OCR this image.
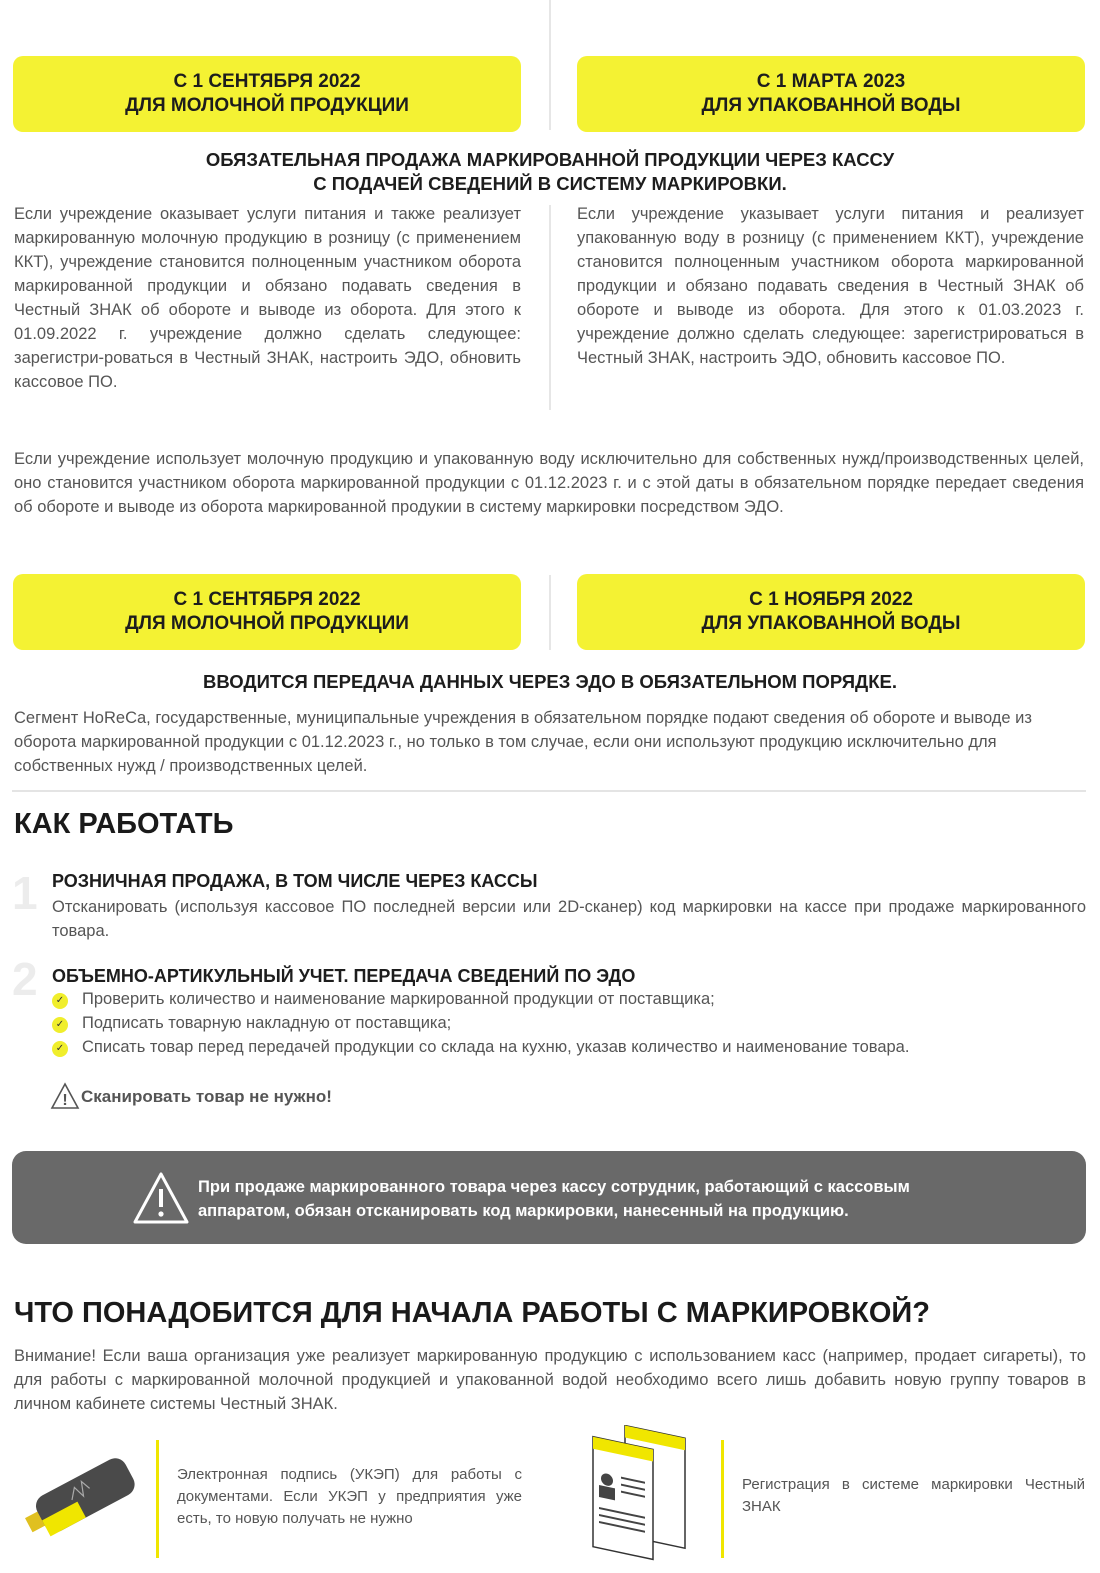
С 1 СЕНТЯБРЯ 2022
ДЛЯ МОЛОЧНОЙ ПРОДУКЦИИ
С 1 МАРТА 2023
ДЛЯ УПАКОВАННОЙ ВОДЫ
ОБЯЗАТЕЛЬНАЯ ПРОДАЖА МАРКИРОВАННОЙ ПРОДУКЦИИ ЧЕРЕЗ КАССУ
С ПОДАЧЕЙ СВЕДЕНИЙ В СИСТЕМУ МАРКИРОВКИ.
Если учреждение оказывает услуги питания и также реализует маркированную молочную продукцию в розницу (с применением ККТ), учреждение становится полноценным участником оборота маркированной продукции и обязано подавать сведения в Честный ЗНАК об обороте и выводе из оборота. Для этого к 01.09.2022 г. учреждение должно сделать следующее: зарегистри-роваться в Честный ЗНАК, настроить ЭДО, обновить кассовое ПО.
Если учреждение указывает услуги питания и реализует упакованную воду в розницу (с применением ККТ), учреждение становится полноценным участником оборота маркированной продукции и обязано подавать сведения в Честный ЗНАК об обороте и выводе из оборота. Для этого к 01.03.2023 г. учреждение должно сделать следующее: зарегистрироваться в Честный ЗНАК, настроить ЭДО, обновить кассовое ПО.
Если учреждение использует молочную продукцию и упакованную воду исключительно для собственных нужд/производственных целей, оно становится участником оборота маркированной продукции с 01.12.2023 г. и с этой даты в обязательном порядке передает сведения об обороте и выводе из оборота маркированной продукии в систему маркировки посредством ЭДО.
С 1 СЕНТЯБРЯ 2022
ДЛЯ МОЛОЧНОЙ ПРОДУКЦИИ
С 1 НОЯБРЯ 2022
ДЛЯ УПАКОВАННОЙ ВОДЫ
ВВОДИТСЯ ПЕРЕДАЧА ДАННЫХ ЧЕРЕЗ ЭДО В ОБЯЗАТЕЛЬНОМ ПОРЯДКЕ.
Сегмент HoReCa, государственные, муниципальные учреждения в обязательном порядке подают сведения об обороте и выводе из оборота маркированной продукции с 01.12.2023 г., но только в том случае, если они используют продукцию исключительно для собственных нужд / производственных целей.
КАК РАБОТАТЬ
1 РОЗНИЧНАЯ ПРОДАЖА, В ТОМ ЧИСЛЕ ЧЕРЕЗ КАССЫ
Отсканировать (используя кассовое ПО последней версии или 2D-сканер) код маркировки на кассе при продаже маркированного товара.
2 ОБЪЕМНО-АРТИКУЛЬНЫЙ УЧЕТ. ПЕРЕДАЧА СВЕДЕНИЙ ПО ЭДО
✓ Проверить количество и наименование маркированной продукции от поставщика;
✓ Подписать товарную накладную от поставщика;
✓ Списать товар перед передачей продукции со склада на кухню, указав количество и наименование товара.
! Сканировать товар не нужно!
При продаже маркированного товара через кассу сотрудник, работающий с кассовым аппаратом, обязан отсканировать код маркировки, нанесенный на продукцию.
ЧТО ПОНАДОБИТСЯ ДЛЯ НАЧАЛА РАБОТЫ С МАРКИРОВКОЙ?
Внимание! Если ваша организация уже реализует маркированную продукцию с использованием касс (например, продает сигареты), то для работы с маркированной молочной продукцией и упакованной водой необходимо всего лишь добавить новую группу товаров в личном кабинете системы Честный ЗНАК.
Электронная подпись (УКЭП) для работы с документами. Если УКЭП у предприятия уже есть, то новую получать не нужно
Регистрация в системе маркировки Честный ЗНАК
